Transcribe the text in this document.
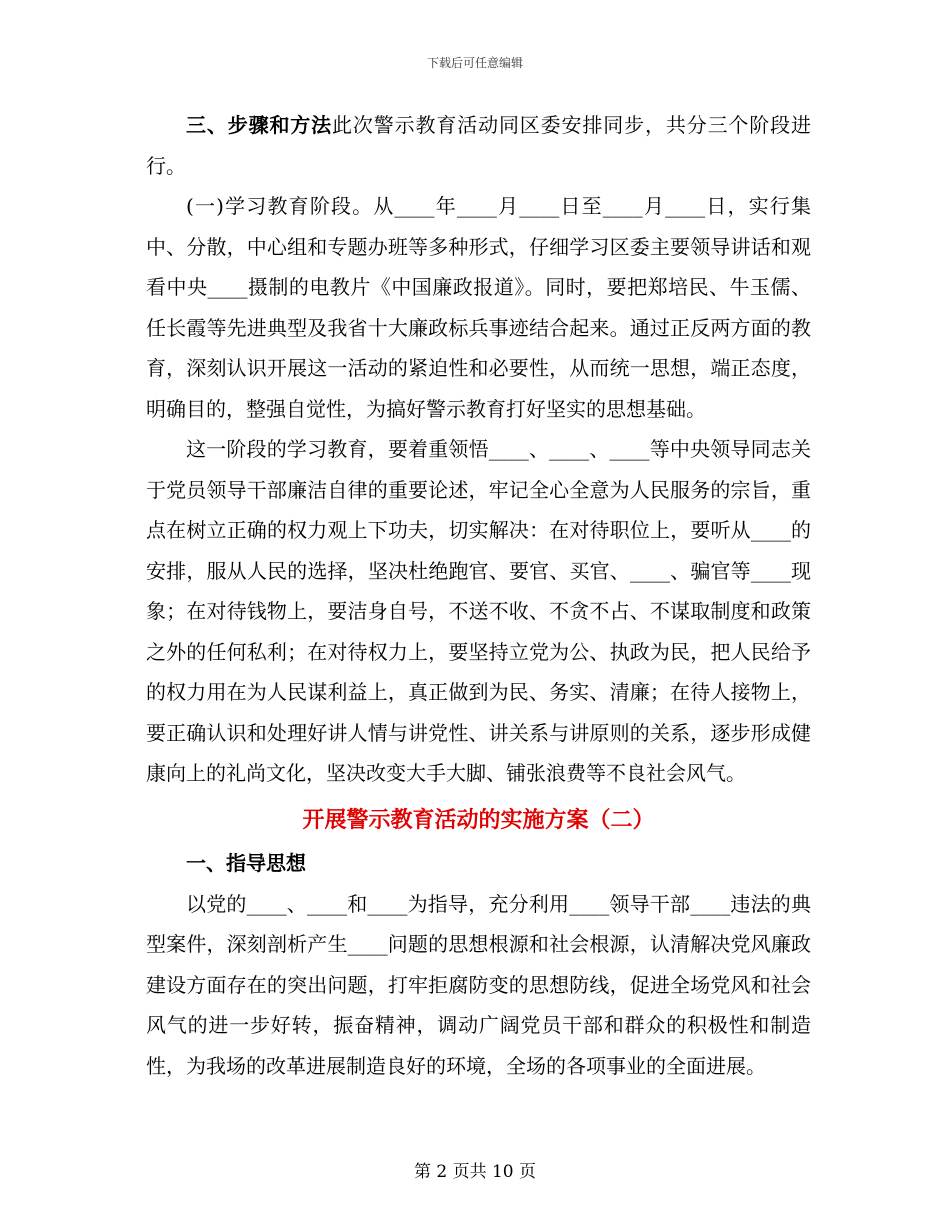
下载后可任意编辑

三、步骤和方法此次警示教育活动同区委安排同步，共分三个阶段进行。

(一)学习教育阶段。从____年____月____日至____月____日，实行集中、分散，中心组和专题办班等多种形式，仔细学习区委主要领导讲话和观看中央____摄制的电教片《中国廉政报道》。同时，要把郑培民、牛玉儒、任长霞等先进典型及我省十大廉政标兵事迹结合起来。通过正反两方面的教育，深刻认识开展这一活动的紧迫性和必要性，从而统一思想，端正态度，明确目的，整强自觉性，为搞好警示教育打好坚实的思想基础。

这一阶段的学习教育，要着重领悟____、____、____等中央领导同志关于党员领导干部廉洁自律的重要论述，牢记全心全意为人民服务的宗旨，重点在树立正确的权力观上下功夫，切实解决：在对待职位上，要听从____的安排，服从人民的选择，坚决杜绝跑官、要官、买官、____、骗官等____现象；在对待钱物上，要洁身自号，不送不收、不贪不占、不谋取制度和政策之外的任何私利；在对待权力上，要坚持立党为公、执政为民，把人民给予的权力用在为人民谋利益上，真正做到为民、务实、清廉；在待人接物上，要正确认识和处理好讲人情与讲党性、讲关系与讲原则的关系，逐步形成健康向上的礼尚文化，坚决改变大手大脚、铺张浪费等不良社会风气。

开展警示教育活动的实施方案（二）

一、指导思想

以党的____、____和____为指导，充分利用____领导干部____违法的典型案件，深刻剖析产生____问题的思想根源和社会根源，认清解决党风廉政建设方面存在的突出问题，打牢拒腐防变的思想防线，促进全场党风和社会风气的进一步好转，振奋精神，调动广阔党员干部和群众的积极性和制造性，为我场的改革进展制造良好的环境，全场的各项事业的全面进展。

第 2 页共 10 页
